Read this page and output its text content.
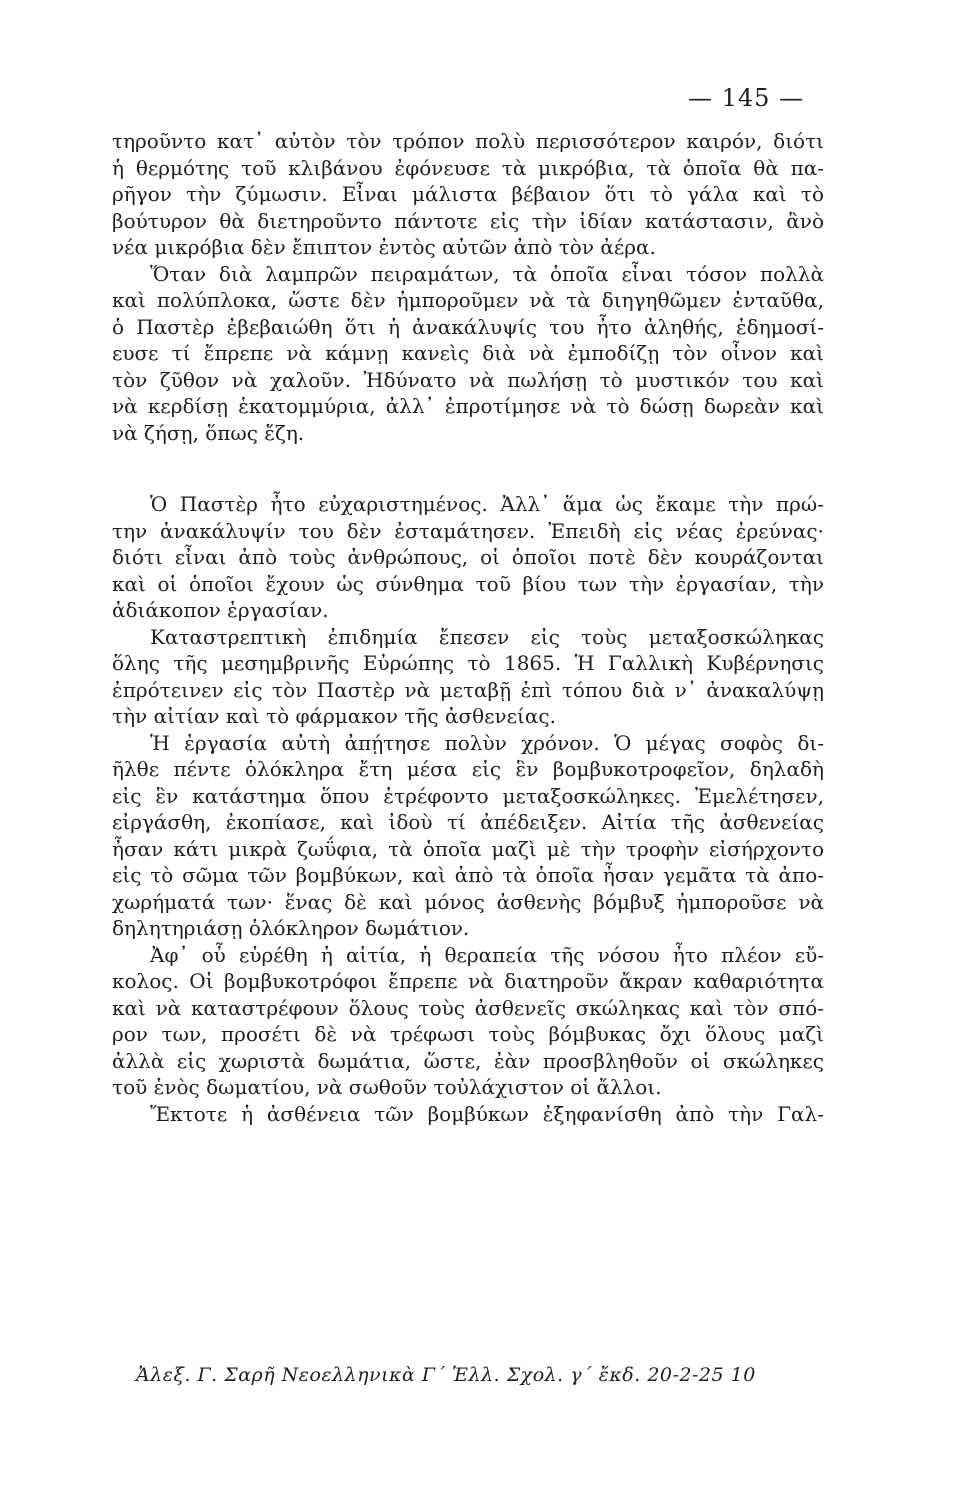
— 145 —
τηροῦντο κατ᾽ αὐτὸν τὸν τρόπον πολὺ περισσότερον καιρόν, διότι
ἡ θερμότης τοῦ κλιβάνου ἐφόνευσε τὰ μικρόβια, τὰ ὁποῖα θὰ πα-
ρῆγον τὴν ζύμωσιν. Εἶναι μάλιστα βέβαιον ὅτι τὸ γάλα καὶ τὸ
βούτυρον θὰ διετηροῦντο πάντοτε εἰς τὴν ἰδίαν κατάστασιν, ἂνὸ
νέα μικρόβια δὲν ἔπιπτον ἐντὸς αὐτῶν ἀπὸ τὸν ἀέρα.
Ὅταν διὰ λαμπρῶν πειραμάτων, τὰ ὁποῖα εἶναι τόσον πολλὰ
καὶ πολύπλοκα, ὥστε δὲν ἠμποροῦμεν νὰ τὰ διηγηθῶμεν ἐνταῦθα,
ὁ Παστὲρ ἐβεβαιώθη ὅτι ἡ ἀνακάλυψίς του ἦτο ἀληθής, ἐδημοσί-
ευσε τί ἔπρεπε νὰ κάμνῃ κανεὶς διὰ νὰ ἐμποδίζῃ τὸν οἶνον καὶ
τὸν ζῦθον νὰ χαλοῦν. Ἠδύνατο νὰ πωλήσῃ τὸ μυστικόν του καὶ
νὰ κερδίσῃ ἑκατομμύρια, ἀλλ᾽ ἐπροτίμησε νὰ τὸ δώσῃ δωρεὰν καὶ
νὰ ζήσῃ, ὅπως ἔζη.
Ὁ Παστὲρ ἦτο εὐχαριστημένος. Ἀλλ᾽ ἅμα ὡς ἔκαμε τὴν πρώ-
την ἀνακάλυψίν του δὲν ἐσταμάτησεν. Ἐπειδὴ εἰς νέας ἐρεύνας·
διότι εἶναι ἀπὸ τοὺς ἀνθρώπους, οἱ ὁποῖοι ποτὲ δὲν κουράζονται
καὶ οἱ ὁποῖοι ἔχουν ὡς σύνθημα τοῦ βίου των τὴν ἐργασίαν, τὴν
ἀδιάκοπον ἐργασίαν.
Καταστρεπτικὴ ἐπιδημία ἔπεσεν εἰς τοὺς μεταξοσκώληκας
ὅλης τῆς μεσημβρινῆς Εὐρώπης τὸ 1865. Ἡ Γαλλικὴ Κυβέρνησις
ἐπρότεινεν εἰς τὸν Παστὲρ νὰ μεταβῇ ἐπὶ τόπου διὰ ν᾽ ἀνακαλύψῃ
τὴν αἰτίαν καὶ τὸ φάρμακον τῆς ἀσθενείας.
Ἡ ἐργασία αὐτὴ ἀπῄτησε πολὺν χρόνον. Ὁ μέγας σοφὸς δι-
ῆλθε πέντε ὁλόκληρα ἔτη μέσα εἰς ἓν βομβυκοτροφεῖον, δηλαδὴ
εἰς ἓν κατάστημα ὅπου ἐτρέφοντο μεταξοσκώληκες. Ἐμελέτησεν,
εἰργάσθη, ἐκοπίασε, καὶ ἰδοὺ τί ἀπέδειξεν. Αἰτία τῆς ἀσθενείας
ἦσαν κάτι μικρὰ ζωΰφια, τὰ ὁποῖα μαζὶ μὲ τὴν τροφὴν εἰσήρχοντο
εἰς τὸ σῶμα τῶν βομβύκων, καὶ ἀπὸ τὰ ὁποῖα ἦσαν γεμᾶτα τὰ ἀπο-
χωρήματά των· ἕνας δὲ καὶ μόνος ἀσθενὴς βόμβυξ ἠμποροῦσε νὰ
δηλητηριάσῃ ὁλόκληρον δωμάτιον.
Ἀφ᾽ οὗ εὑρέθη ἡ αἰτία, ἡ θεραπεία τῆς νόσου ἦτο πλέον εὔ-
κολος. Οἱ βομβυκοτρόφοι ἔπρεπε νὰ διατηροῦν ἄκραν καθαριότητα
καὶ νὰ καταστρέφουν ὅλους τοὺς ἀσθενεῖς σκώληκας καὶ τὸν σπό-
ρον των, προσέτι δὲ νὰ τρέφωσι τοὺς βόμβυκας ὄχι ὅλους μαζὶ
ἀλλὰ εἰς χωριστὰ δωμάτια, ὥστε, ἐὰν προσβληθοῦν οἱ σκώληκες
τοῦ ἑνὸς δωματίου, νὰ σωθοῦν τοὐλάχιστον οἱ ἄλλοι.
Ἔκτοτε ἡ ἀσθένεια τῶν βομβύκων ἐξηφανίσθη ἀπὸ τὴν Γαλ-
Ἀλεξ. Γ. Σαρῆ Νεοελληνικὰ Γ´ Ἑλλ. Σχολ. γ´ ἔκδ. 20-2-25 10
